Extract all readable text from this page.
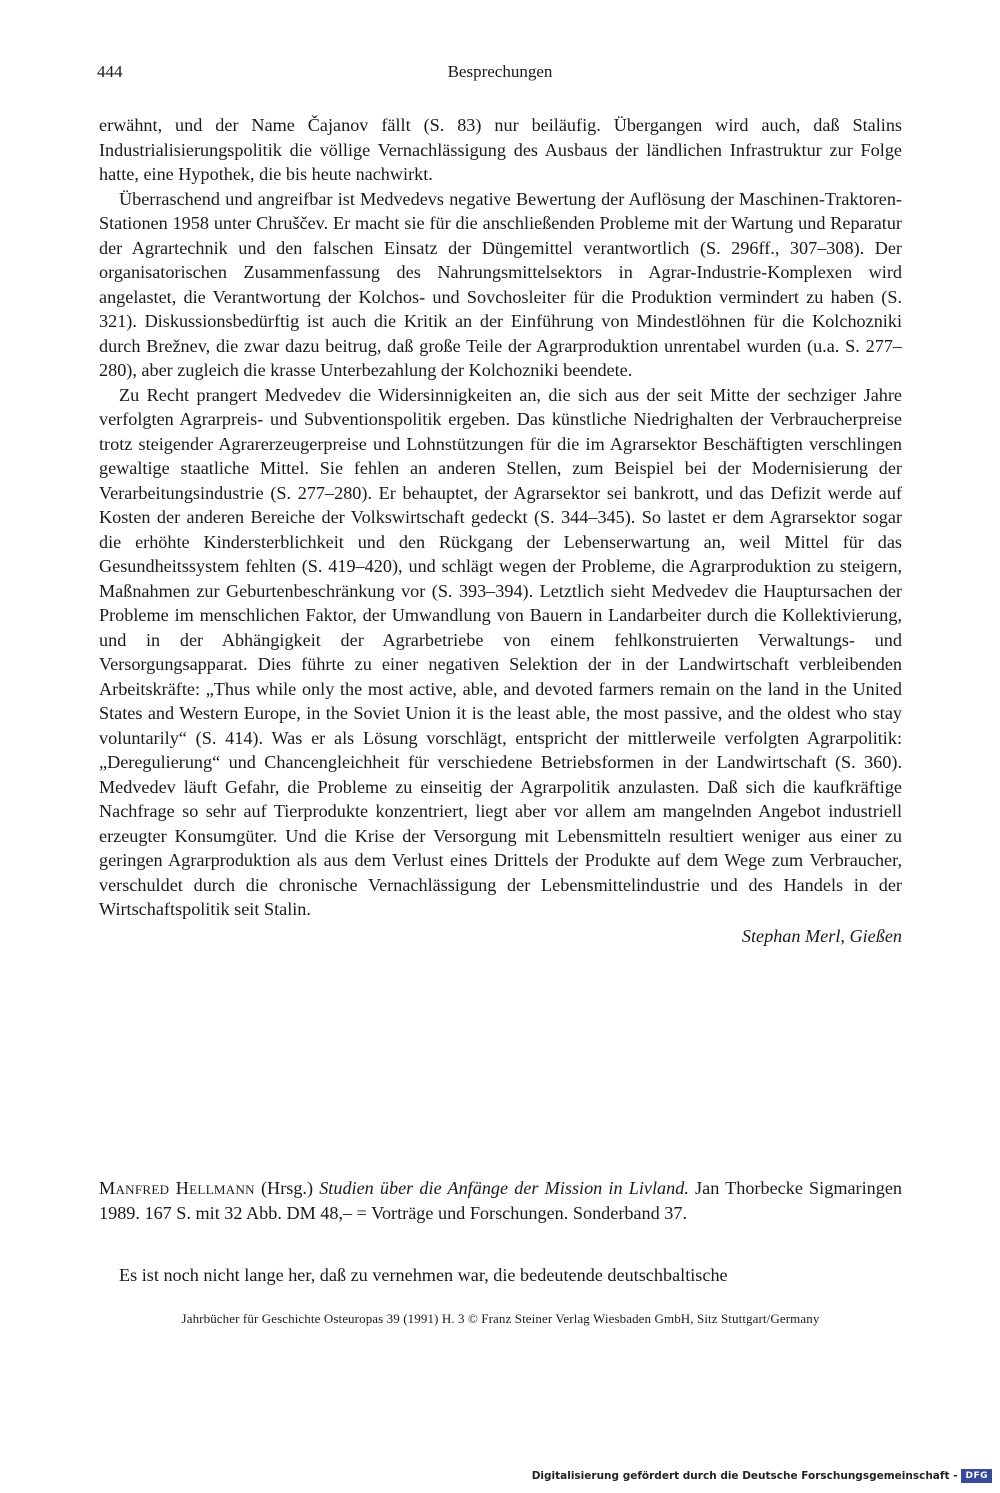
444	Besprechungen

erwähnt, und der Name Čajanov fällt (S. 83) nur beiläufig. Übergangen wird auch, daß Stalins Industrialisierungspolitik die völlige Vernachlässigung des Ausbaus der ländlichen Infrastruktur zur Folge hatte, eine Hypothek, die bis heute nachwirkt.

Überraschend und angreifbar ist Medvedevs negative Bewertung der Auflösung der Maschinen-Traktoren-Stationen 1958 unter Chruščev. Er macht sie für die anschließenden Probleme mit der Wartung und Reparatur der Agrartechnik und den falschen Einsatz der Düngemittel verantwortlich (S. 296ff., 307–308). Der organisatorischen Zusammenfassung des Nahrungsmittelsektors in Agrar-Industrie-Komplexen wird angelastet, die Verantwortung der Kolchos- und Sovchosleiter für die Produktion vermindert zu haben (S. 321). Diskussionsbedürftig ist auch die Kritik an der Einführung von Mindestlöhnen für die Kolchozniki durch Brežnev, die zwar dazu beitrug, daß große Teile der Agrarproduktion unrentabel wurden (u.a. S. 277–280), aber zugleich die krasse Unterbezahlung der Kolchozniki beendete.

Zu Recht prangert Medvedev die Widersinnigkeiten an, die sich aus der seit Mitte der sechziger Jahre verfolgten Agrarpreis- und Subventionspolitik ergeben. Das künstliche Niedrighalten der Verbraucherpreise trotz steigender Agrarerzeugerpreise und Lohnstützungen für die im Agrarsektor Beschäftigten verschlingen gewaltige staatliche Mittel. Sie fehlen an anderen Stellen, zum Beispiel bei der Modernisierung der Verarbeitungsindustrie (S. 277–280). Er behauptet, der Agrarsektor sei bankrott, und das Defizit werde auf Kosten der anderen Bereiche der Volkswirtschaft gedeckt (S. 344–345). So lastet er dem Agrarsektor sogar die erhöhte Kindersterblichkeit und den Rückgang der Lebenserwartung an, weil Mittel für das Gesundheitssystem fehlten (S. 419–420), und schlägt wegen der Probleme, die Agrarproduktion zu steigern, Maßnahmen zur Geburtenbeschränkung vor (S. 393–394). Letztlich sieht Medvedev die Hauptursachen der Probleme im menschlichen Faktor, der Umwandlung von Bauern in Landarbeiter durch die Kollektivierung, und in der Abhängigkeit der Agrarbetriebe von einem fehlkonstruierten Verwaltungs- und Versorgungsapparat. Dies führte zu einer negativen Selektion der in der Landwirtschaft verbleibenden Arbeitskräfte: „Thus while only the most active, able, and devoted farmers remain on the land in the United States and Western Europe, in the Soviet Union it is the least able, the most passive, and the oldest who stay voluntarily“ (S. 414). Was er als Lösung vorschlägt, entspricht der mittlerweile verfolgten Agrarpolitik: „Deregulierung“ und Chancengleichheit für verschiedene Betriebsformen in der Landwirtschaft (S. 360). Medvedev läuft Gefahr, die Probleme zu einseitig der Agrarpolitik anzulasten. Daß sich die kaufkräftige Nachfrage so sehr auf Tierprodukte konzentriert, liegt aber vor allem am mangelnden Angebot industriell erzeugter Konsumgüter. Und die Krise der Versorgung mit Lebensmitteln resultiert weniger aus einer zu geringen Agrarproduktion als aus dem Verlust eines Drittels der Produkte auf dem Wege zum Verbraucher, verschuldet durch die chronische Vernachlässigung der Lebensmittelindustrie und des Handels in der Wirtschaftspolitik seit Stalin.

Stephan Merl, Gießen
Manfred Hellmann (Hrsg.) Studien über die Anfänge der Mission in Livland. Jan Thorbecke Sigmaringen 1989. 167 S. mit 32 Abb. DM 48,– = Vorträge und Forschungen. Sonderband 37.
Es ist noch nicht lange her, daß zu vernehmen war, die bedeutende deutschbaltische
Jahrbücher für Geschichte Osteuropas 39 (1991) H. 3 © Franz Steiner Verlag Wiesbaden GmbH, Sitz Stuttgart/Germany
Digitalisierung gefördert durch die Deutsche Forschungsgemeinschaft - DFG
